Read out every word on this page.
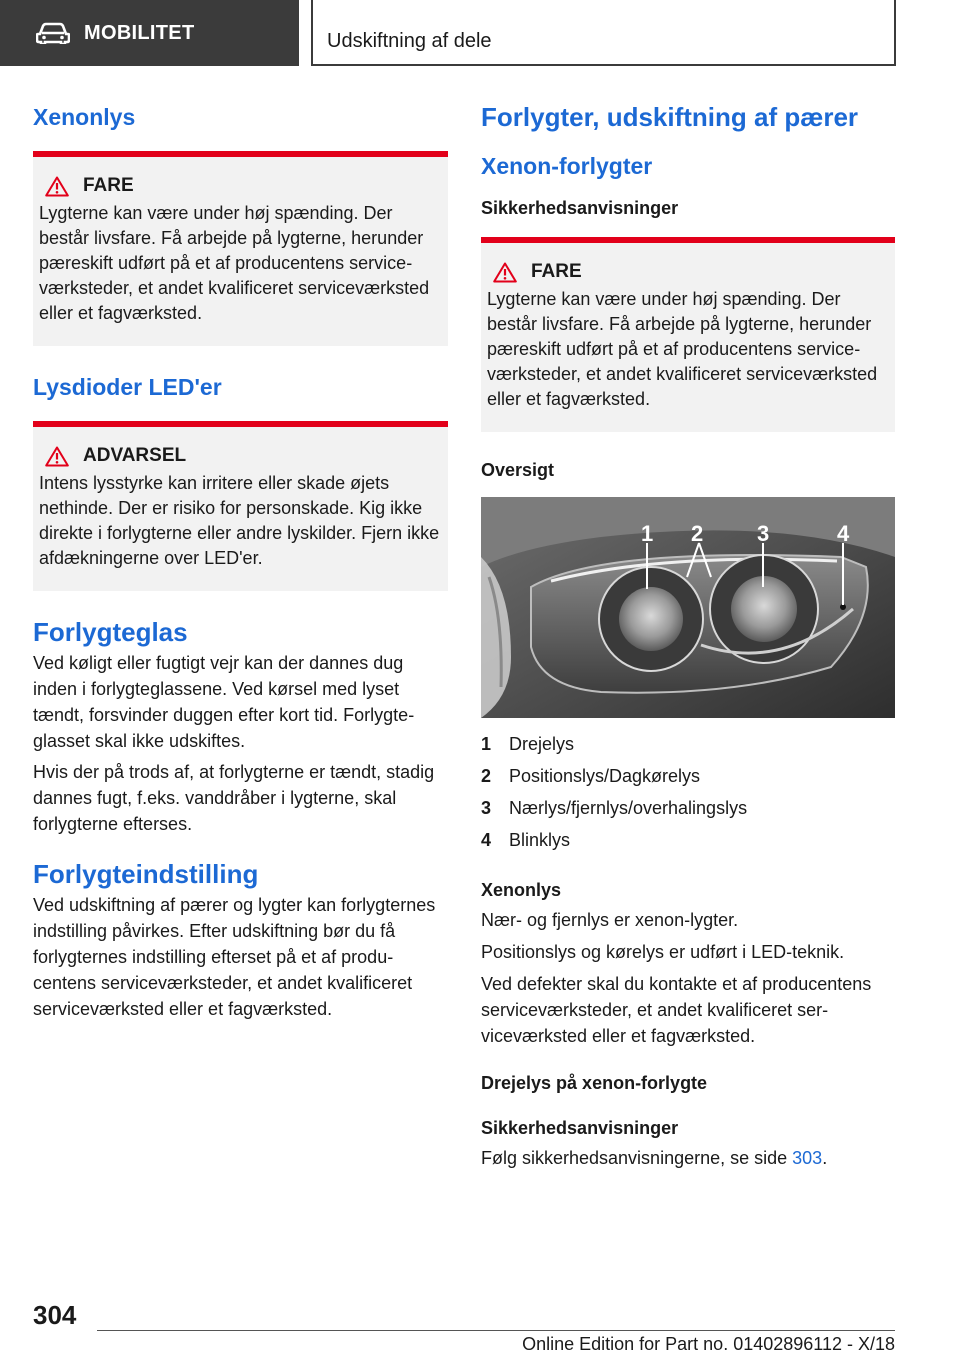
MOBILITET	Udskiftning af dele
Xenonlys
FARE

Lygterne kan være under høj spænding. Der består livsfare. Få arbejde på lygterne, herunder pæreskift udført på et af producentens serviceværksteder, et andet kvalificeret serviceværksted eller et fagværksted.

Lysdioder LED'er
ADVARSEL

Intens lysstyrke kan irritere eller skade øjets nethinde. Der er risiko for personskade. Kig ikke direkte i forlygterne eller andre lyskilder. Fjern ikke afdækningerne over LED'er.

Forlygteglas

Ved køligt eller fugtigt vejr kan der dannes dug inden i forlygteglassene. Ved kørsel med lyset tændt, forsvinder duggen efter kort tid. Forlygteglasset skal ikke udskiftes.

Hvis der på trods af, at forlygterne er tændt, stadig dannes fugt, f.eks. vanddråber i lygterne, skal forlygterne efterses.

Forlygteindstilling

Ved udskiftning af pærer og lygter kan forlygternes indstilling påvirkes. Efter udskiftning bør du få forlygternes indstilling efterset på et af producentens serviceværksteder, et andet kvalificeret serviceværksted eller et fagværksted.

Forlygter, udskiftning af pærer
Xenon-forlygter
Sikkerhedsanvisninger
FARE

Lygterne kan være under høj spænding. Der består livsfare. Få arbejde på lygterne, herunder pæreskift udført på et af producentens serviceværksteder, et andet kvalificeret serviceværksted eller et fagværksted.

Oversigt
1 2 3	4
1 Drejelys
2 Positionslys/Dagkørelys
3 Nærlys/fjernlys/overhalingslys
4 Blinklys
Xenonlys

Nær- og fjernlys er xenon-lygter.

Positionslys og kørelys er udført i LED-teknik.

Ved defekter skal du kontakte et af producentens serviceværksteder, et andet kvalificeret serviceværksted eller et fagværksted.

Drejelys på xenon-forlygte
Sikkerhedsanvisninger

Følg sikkerhedsanvisningerne, se side 303.

304
Online Edition for Part no. 01402896112 - X/18
